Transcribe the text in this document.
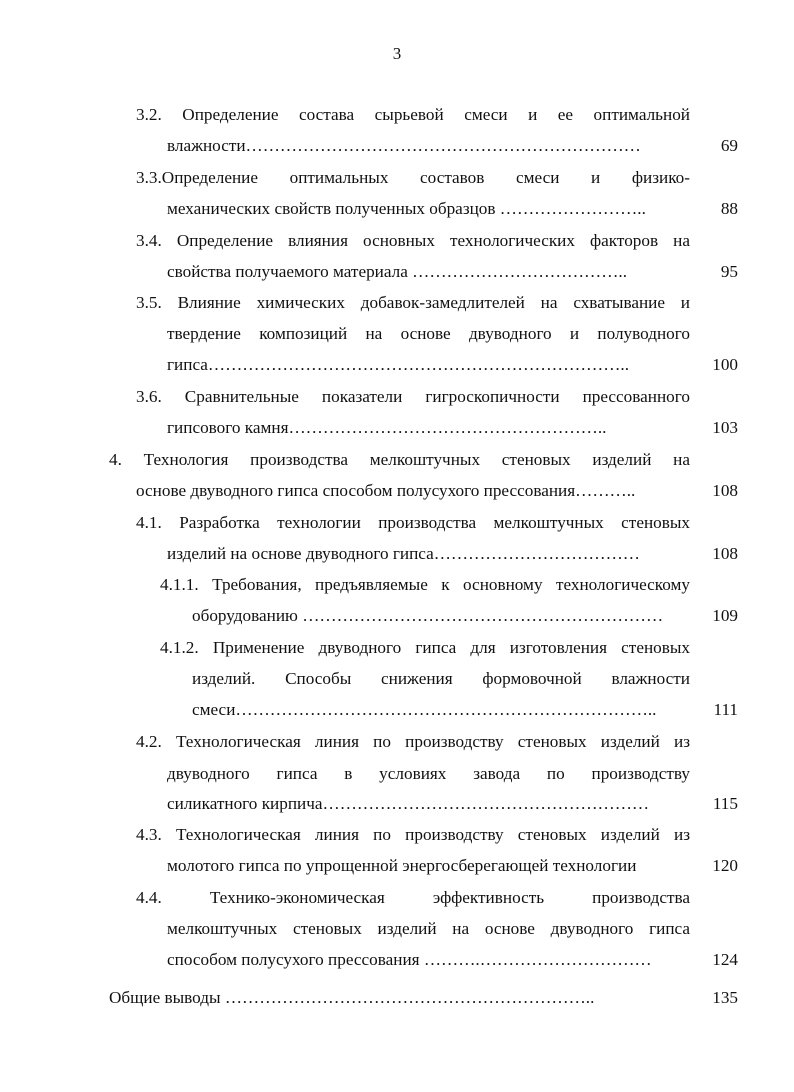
3
3.2. Определение состава сырьевой смеси и ее оптимальной
влажности……………………………………………………………	69
3.3.Определение оптимальных составов смеси и физико-
механических свойств полученных образцов ……………………..	88
3.4. Определение влияния основных технологических факторов на
свойства получаемого материала ………………………………..	95
3.5. Влияние химических добавок-замедлителей на схватывание и
твердение композиций на основе двуводного и полуводного
гипса………………………………………………………………..	100
3.6. Сравнительные показатели гигроскопичности прессованного
гипсового камня………………………………………………..	103
4. Технология производства мелкоштучных стеновых изделий на
основе двуводного гипса способом полусухого прессования………..	108
4.1. Разработка технологии производства мелкоштучных стеновых
изделий на основе двуводного гипса………………………………	108
4.1.1. Требования, предъявляемые к основному технологическому
оборудованию ………………………………………………………	109
4.1.2. Применение двуводного гипса для изготовления стеновых
изделий. Способы снижения формовочной влажности
смеси………………………………………………………………..	111
4.2. Технологическая линия по производству стеновых изделий из
двуводного гипса в условиях завода по производству
силикатного кирпича…………………………………………………	115
4.3. Технологическая линия по производству стеновых изделий из
молотого гипса по упрощенной энергосберегающей технологии	120
4.4. Технико-экономическая эффективность производства
мелкоштучных стеновых изделий на основе двуводного гипса
способом полусухого прессования ……….…………………………	124
Общие выводы ………………………………………………………..	135
